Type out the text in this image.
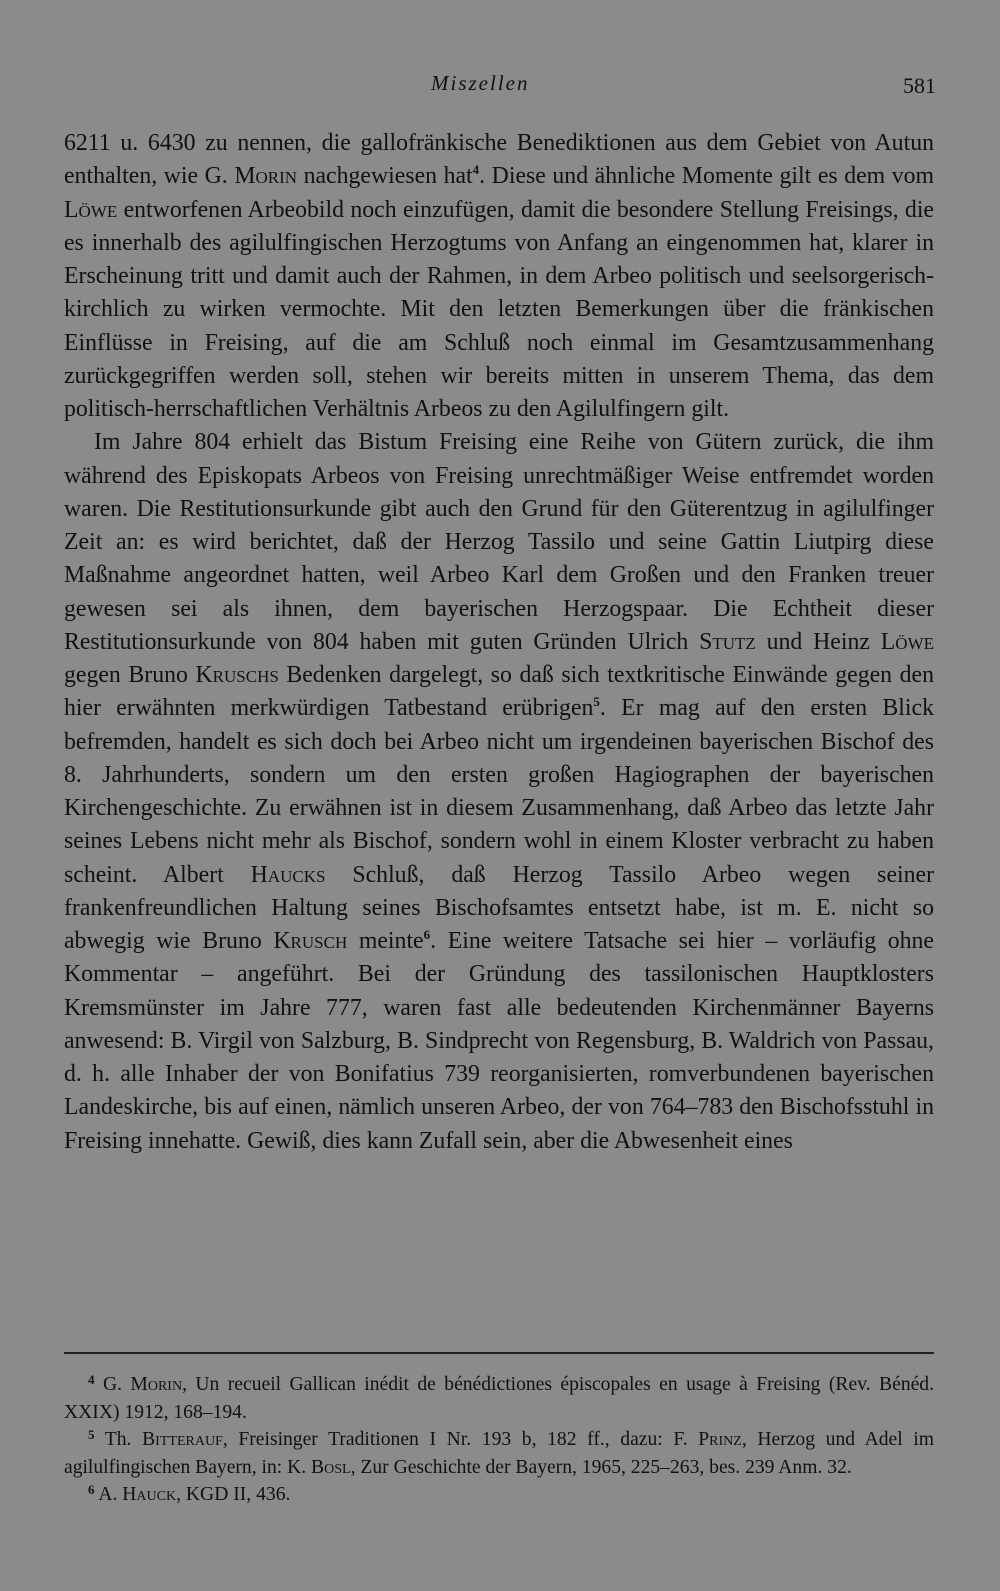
Miszellen	581

6211 u. 6430 zu nennen, die gallofränkische Benediktionen aus dem Gebiet von Autun enthalten, wie G. Morin nachgewiesen hat$^4$. Diese und ähnliche Momente gilt es dem vom Löwe entworfenen Arbeobild noch einzufügen, damit die besondere Stellung Freisings, die es innerhalb des agilulfingischen Herzogtums von Anfang an eingenommen hat, klarer in Erscheinung tritt und damit auch der Rahmen, in dem Arbeo politisch und seelsorgerisch-kirchlich zu wirken vermochte. Mit den letzten Bemerkungen über die fränkischen Einflüsse in Freising, auf die am Schluß noch einmal im Gesamtzusammenhang zurückgegriffen werden soll, stehen wir bereits mitten in unserem Thema, das dem politisch-herrschaftlichen Verhältnis Arbeos zu den Agilulfingern gilt.

Im Jahre 804 erhielt das Bistum Freising eine Reihe von Gütern zurück, die ihm während des Episkopats Arbeos von Freising unrechtmäßiger Weise entfremdet worden waren. Die Restitutionsurkunde gibt auch den Grund für den Güterentzug in agilulfinger Zeit an: es wird berichtet, daß der Herzog Tassilo und seine Gattin Liutpirg diese Maßnahme angeordnet hatten, weil Arbeo Karl dem Großen und den Franken treuer gewesen sei als ihnen, dem bayerischen Herzogspaar. Die Echtheit dieser Restitutionsurkunde von 804 haben mit guten Gründen Ulrich Stutz und Heinz Löwe gegen Bruno Kruschs Bedenken dargelegt, so daß sich textkritische Einwände gegen den hier erwähnten merkwürdigen Tatbestand erübrigen$^5$. Er mag auf den ersten Blick befremden, handelt es sich doch bei Arbeo nicht um irgendeinen bayerischen Bischof des 8. Jahrhunderts, sondern um den ersten großen Hagiographen der bayerischen Kirchengeschichte. Zu erwähnen ist in diesem Zusammenhang, daß Arbeo das letzte Jahr seines Lebens nicht mehr als Bischof, sondern wohl in einem Kloster verbracht zu haben scheint. Albert Haucks Schluß, daß Herzog Tassilo Arbeo wegen seiner frankenfreundlichen Haltung seines Bischofsamtes entsetzt habe, ist m. E. nicht so abwegig wie Bruno Krusch meinte$^6$. Eine weitere Tatsache sei hier – vorläufig ohne Kommentar – angeführt. Bei der Gründung des tassilonischen Hauptklosters Kremsmünster im Jahre 777, waren fast alle bedeutenden Kirchenmänner Bayerns anwesend: B. Virgil von Salzburg, B. Sindprecht von Regensburg, B. Waldrich von Passau, d. h. alle Inhaber der von Bonifatius 739 reorganisierten, romverbundenen bayerischen Landeskirche, bis auf einen, nämlich unseren Arbeo, der von 764–783 den Bischofsstuhl in Freising innehatte. Gewiß, dies kann Zufall sein, aber die Abwesenheit eines

$^4$ G. Morin, Un recueil Gallican inédit de bénédictiones épiscopales en usage à Freising (Rev. Bénéd. XXIX) 1912, 168–194.

$^5$ Th. Bitterauf, Freisinger Traditionen I Nr. 193 b, 182 ff., dazu: F. Prinz, Herzog und Adel im agilulfingischen Bayern, in: K. Bosl, Zur Geschichte der Bayern, 1965, 225–263, bes. 239 Anm. 32.

$^6$ A. Hauck, KGD II, 436.
